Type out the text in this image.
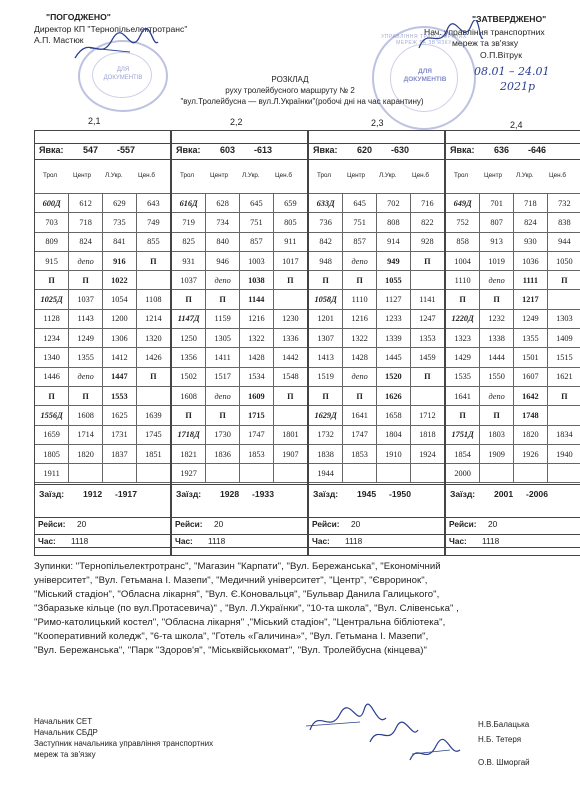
"ПОГОДЖЕНО"
Директор КП "Тернопільелектротранс"
А.П. Мастюк
ДЛЯ ДОКУМЕНТІВ
"ЗАТВЕРДЖЕНО"
Нач. управління транспортних
мереж та зв'язку
О.П.Вітрук
ДЛЯ ДОКУМЕНТІВ
УПРАВЛІННЯ ТРАНСПОРТНИХ МЕРЕЖ ТА ЗВ'ЯЗКУ
08.01 – 24.01
2021р
РОЗКЛАД
руху тролейбусного маршруту № 2
"вул.Тролейбусна — вул.Л.Українки"(робочі дні на час карантину)
2,1	2,2	2,3	2,4
Явка: 547 -557
Трол	Центр Л.Укр. Цен.б
600Д	612	629	643
703	718	735	749
809	824	841	855
915	депо	916	П
П	П	1022	
1025Д	1037	1054	1108
1128	1143	1200	1214
1234	1249	1306	1320
1340	1355	1412	1426
1446	депо	1447	П
П	П	1553	
1556Д	1608	1625	1639
1659	1714	1731	1745
1805	1820	1837	1851
1911			
Заїзд: 1912 -1917
Рейси: 20
Час: 1118
Явка: 603 -613
Трол	Центр Л.Укр. Цен.б
616Д	628	645	659
719	734	751	805
825	840	857	911
931	946	1003	1017
1037	депо	1038	П
П	П	1144	
1147Д	1159	1216	1230
1250	1305	1322	1336
1356	1411	1428	1442
1502	1517	1534	1548
1608	депо	1609	П
П	П	1715	
1718Д	1730	1747	1801
1821	1836	1853	1907
1927			
Заїзд: 1928 -1933
Рейси: 20
Час: 1118
Явка: 620 -630
Трол	Центр Л.Укр. Цен.б
633Д	645	702	716
736	751	808	822
842	857	914	928
948	депо	949	П
П	П	1055	
1058Д	1110	1127	1141
1201	1216	1233	1247
1307	1322	1339	1353
1413	1428	1445	1459
1519	депо	1520	П
П	П	1626	
1629Д	1641	1658	1712
1732	1747	1804	1818
1838	1853	1910	1924
1944			
Заїзд: 1945 -1950
Рейси: 20
Час: 1118
Явка: 636 -646
Трол	Центр Л.Укр. Цен.б
649Д	701	718	732
752	807	824	838
858	913	930	944
1004	1019	1036	1050
1110	депо	1111	П
П	П	1217	
1220Д	1232	1249	1303
1323	1338	1355	1409
1429	1444	1501	1515
1535	1550	1607	1621
1641	депо	1642	П
П	П	1748	
1751Д	1803	1820	1834
1854	1909	1926	1940
2000			
Заїзд: 2001 -2006
Рейси: 20
Час: 1118
Зупинки: "Тернопільелектротранс", "Магазин "Карпати", "Вул. Бережанська", "Економічний
університет", "Вул. Гетьмана І. Мазепи", "Медичний університет", "Центр", "Євроринок",
"Міський стадіон", "Обласна лікарня", "Вул. Є.Коновальця", "Бульвар Данила Галицького",
"Збаразьке кільце (по вул.Протасевича)" , "Вул. Л.Українки", "10-та школа", "Вул. Слівенська" ,
"Римо-католицький костел", "Обласна лікарня" ,"Міський стадіон", "Центральна бібліотека",
"Кооперативний коледж", "6-та школа", "Готель «Галичина»", "Вул. Гетьмана І. Мазепи",
"Вул. Бережанська", "Парк "Здоров'я", "Міськвійськкомат", "Вул. Тролейбусна (кінцева)"
Начальник СЕТ
Начальник СБДР
Заступник начальника управління транспортних
мереж та зв'язку
Н.В.Балацька
Н.Б. Тетеря
О.В. Шморгай
